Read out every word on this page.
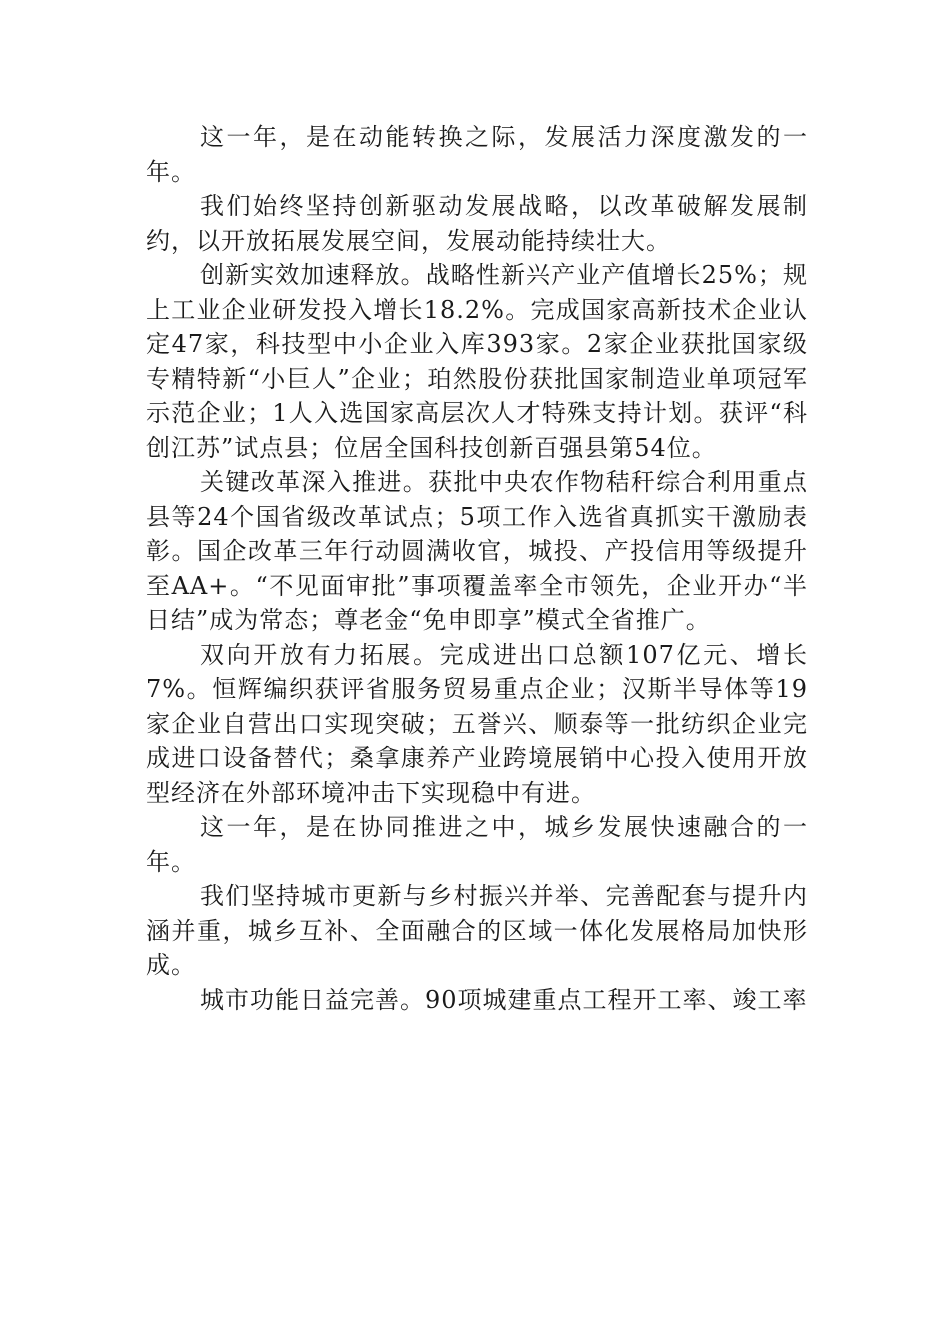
这一年，是在动能转换之际，发展活力深度激发的一年。

我们始终坚持创新驱动发展战略，以改革破解发展制约，以开放拓展发展空间，发展动能持续壮大。

创新实效加速释放。战略性新兴产业产值增长25%；规上工业企业研发投入增长18.2%。完成国家高新技术企业认定47家，科技型中小企业入库393家。2家企业获批国家级专精特新“小巨人”企业；珀然股份获批国家制造业单项冠军示范企业；1人入选国家高层次人才特殊支持计划。获评“科创江苏”试点县；位居全国科技创新百强县第54位。

关键改革深入推进。获批中央农作物秸秆综合利用重点县等24个国省级改革试点；5项工作入选省真抓实干激励表彰。国企改革三年行动圆满收官，城投、产投信用等级提升至AA+。“不见面审批”事项覆盖率全市领先，企业开办“半日结”成为常态；尊老金“免申即享”模式全省推广。

双向开放有力拓展。完成进出口总额107亿元、增长7%。恒辉编织获评省服务贸易重点企业；汉斯半导体等19家企业自营出口实现突破；五誉兴、顺泰等一批纺织企业完成进口设备替代；桑拿康养产业跨境展销中心投入使用开放型经济在外部环境冲击下实现稳中有进。

这一年，是在协同推进之中，城乡发展快速融合的一年。

我们坚持城市更新与乡村振兴并举、完善配套与提升内涵并重，城乡互补、全面融合的区域一体化发展格局加快形成。

城市功能日益完善。90项城建重点工程开工率、竣工率
